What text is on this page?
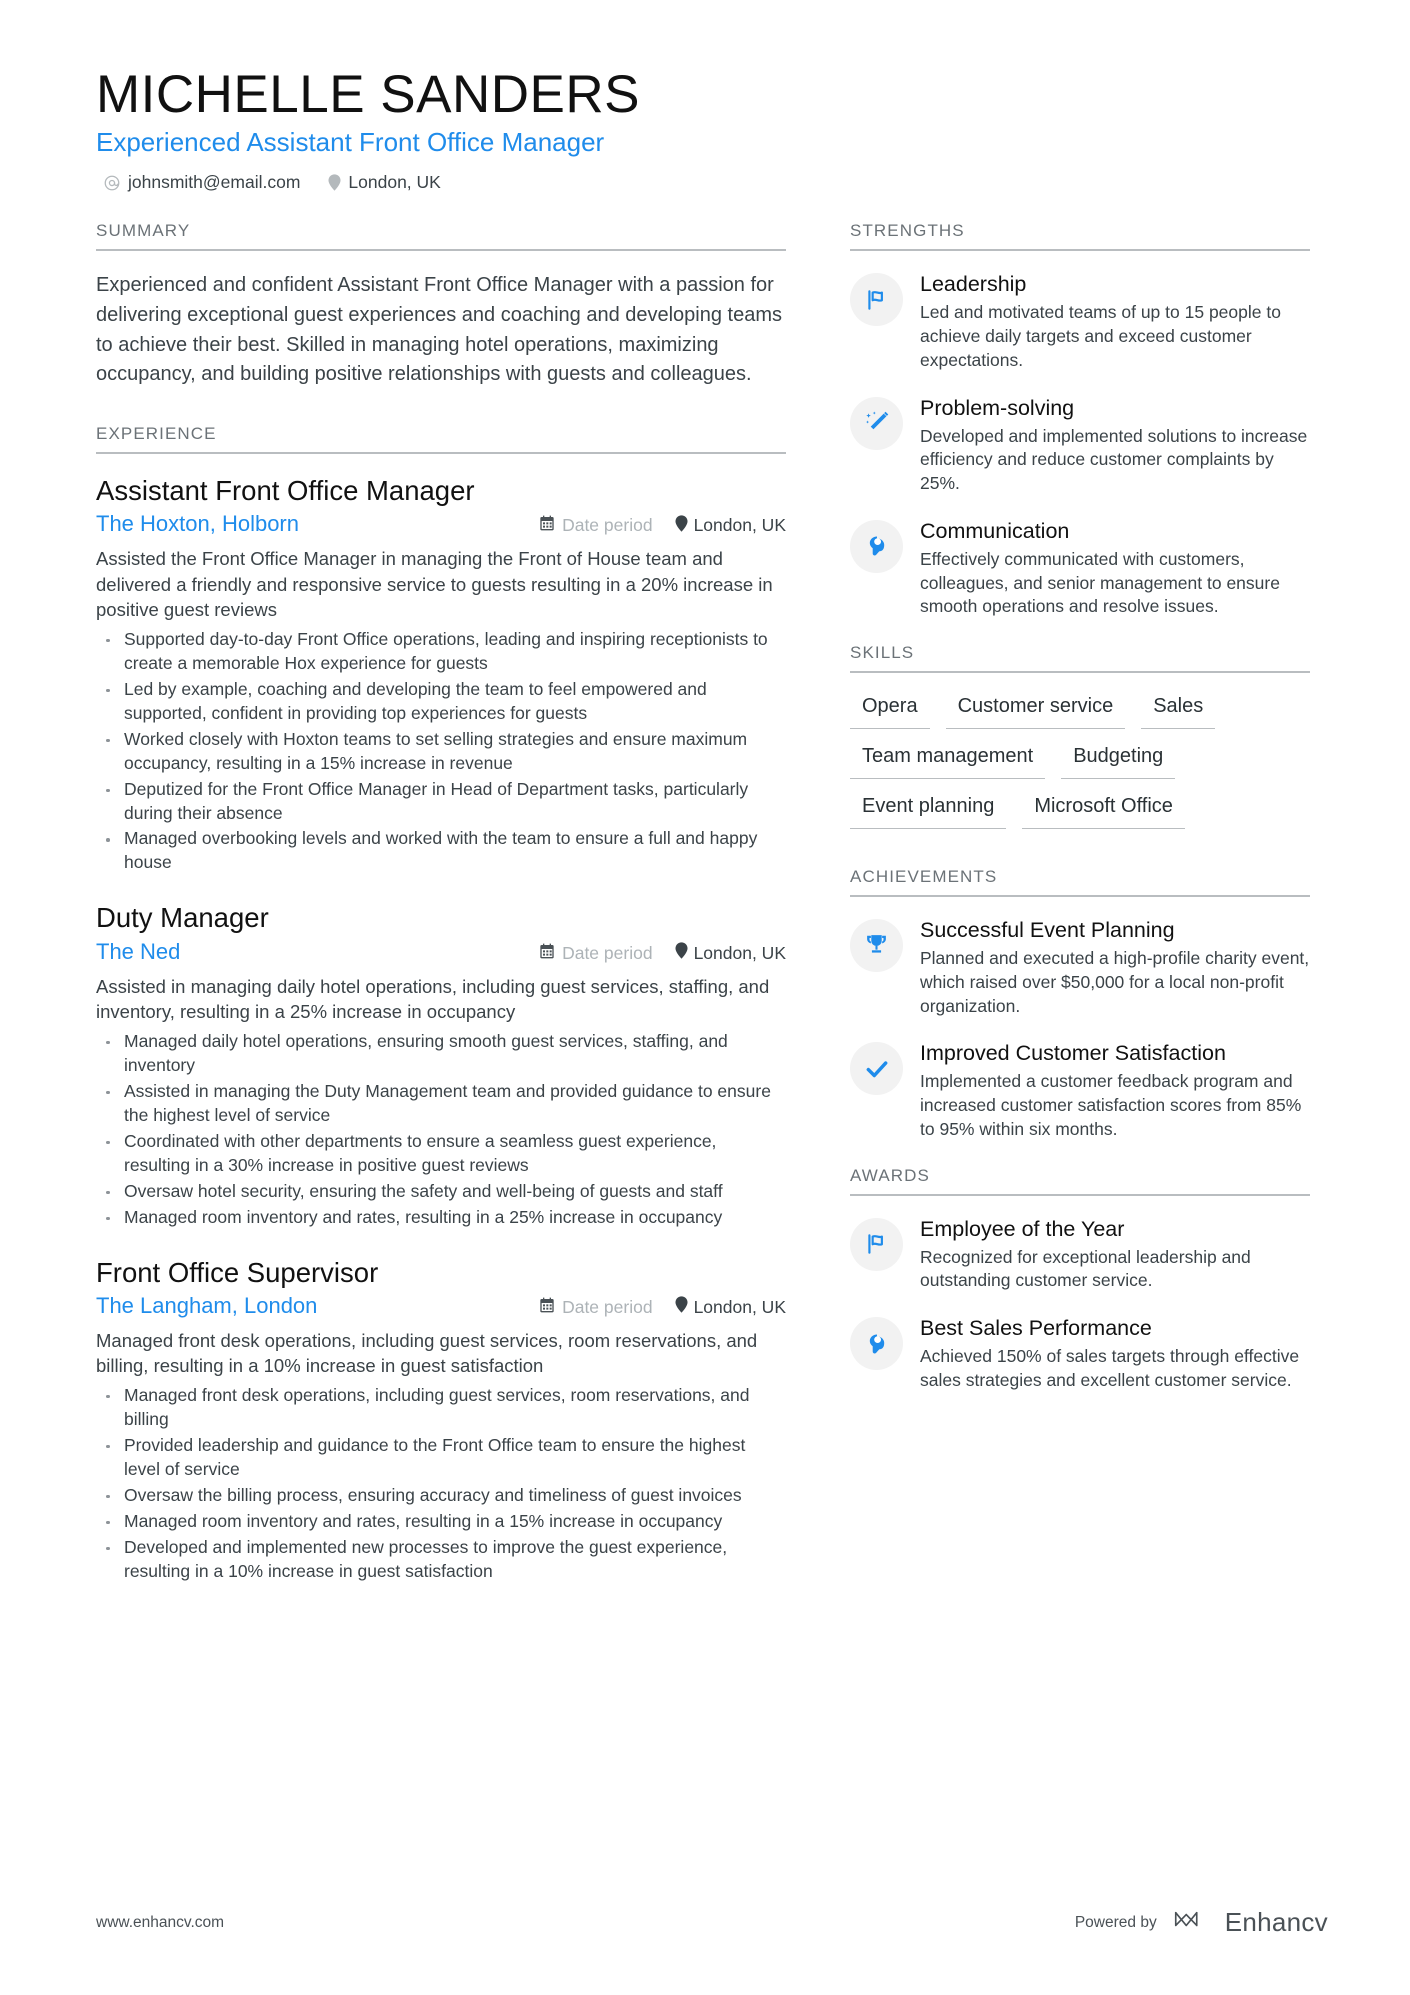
MICHELLE SANDERS
Experienced Assistant Front Office Manager
johnsmith@email.com	London, UK
SUMMARY

Experienced and confident Assistant Front Office Manager with a passion for delivering exceptional guest experiences and coaching and developing teams to achieve their best. Skilled in managing hotel operations, maximizing occupancy, and building positive relationships with guests and colleagues.

EXPERIENCE
Assistant Front Office Manager
The Hoxton, Holborn	Date period London, UK

Assisted the Front Office Manager in managing the Front of House team and delivered a friendly and responsive service to guests resulting in a 20% increase in positive guest reviews

Supported day-to-day Front Office operations, leading and inspiring receptionists to create a memorable Hox experience for guests
Led by example, coaching and developing the team to feel empowered and supported, confident in providing top experiences for guests
Worked closely with Hoxton teams to set selling strategies and ensure maximum occupancy, resulting in a 15% increase in revenue
Deputized for the Front Office Manager in Head of Department tasks, particularly during their absence
Managed overbooking levels and worked with the team to ensure a full and happy house
Duty Manager
The Ned	Date period London, UK

Assisted in managing daily hotel operations, including guest services, staffing, and inventory, resulting in a 25% increase in occupancy

Managed daily hotel operations, ensuring smooth guest services, staffing, and inventory
Assisted in managing the Duty Management team and provided guidance to ensure the highest level of service
Coordinated with other departments to ensure a seamless guest experience, resulting in a 30% increase in positive guest reviews
Oversaw hotel security, ensuring the safety and well-being of guests and staff
Managed room inventory and rates, resulting in a 25% increase in occupancy
Front Office Supervisor
The Langham, London	Date period London, UK

Managed front desk operations, including guest services, room reservations, and billing, resulting in a 10% increase in guest satisfaction

Managed front desk operations, including guest services, room reservations, and billing
Provided leadership and guidance to the Front Office team to ensure the highest level of service
Oversaw the billing process, ensuring accuracy and timeliness of guest invoices
Managed room inventory and rates, resulting in a 15% increase in occupancy
Developed and implemented new processes to improve the guest experience, resulting in a 10% increase in guest satisfaction
STRENGTHS
Leadership
Led and motivated teams of up to 15 people to achieve daily targets and exceed customer expectations.
Problem-solving
Developed and implemented solutions to increase efficiency and reduce customer complaints by 25%.
Communication
Effectively communicated with customers, colleagues, and senior management to ensure smooth operations and resolve issues.
SKILLS
Opera	Customer service	Sales
Team management	Budgeting
Event planning	Microsoft Office
ACHIEVEMENTS
Successful Event Planning
Planned and executed a high-profile charity event, which raised over $50,000 for a local non-profit organization.
Improved Customer Satisfaction
Implemented a customer feedback program and increased customer satisfaction scores from 85% to 95% within six months.
AWARDS
Employee of the Year
Recognized for exceptional leadership and outstanding customer service.
Best Sales Performance
Achieved 150% of sales targets through effective sales strategies and excellent customer service.
www.enhancv.com	Powered by	Enhancv
